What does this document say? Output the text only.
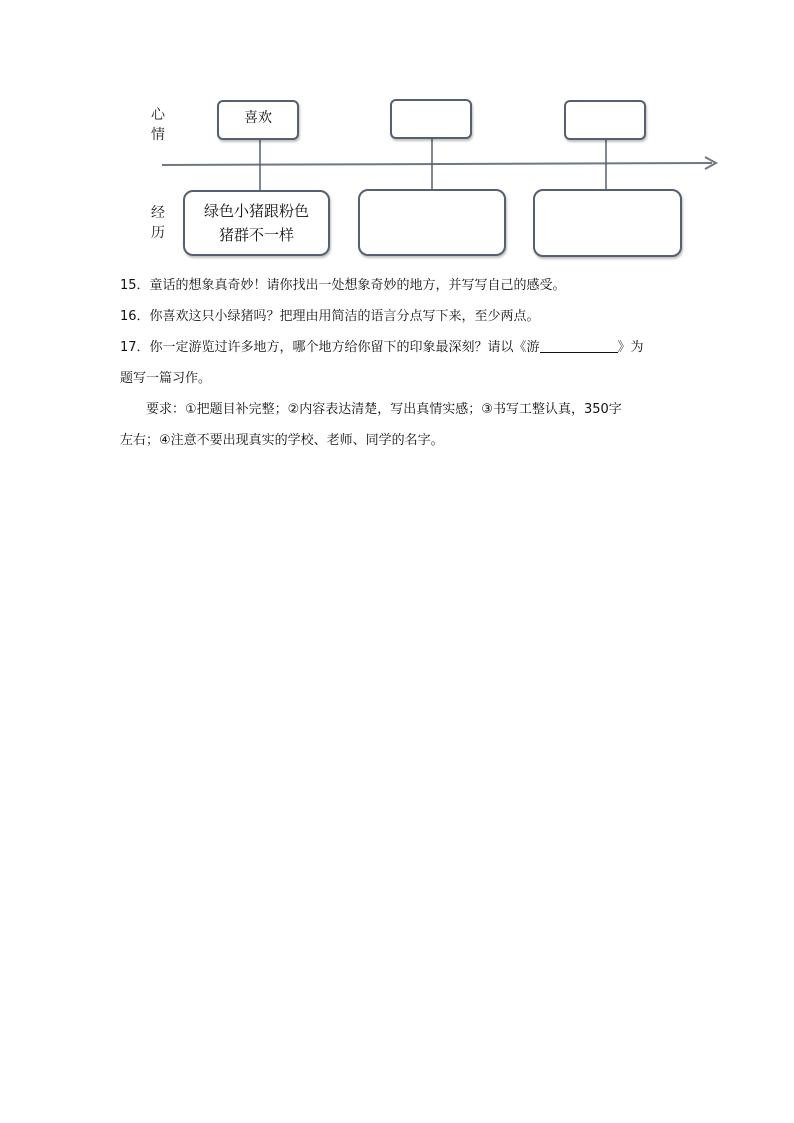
心
情
经
历
喜欢
绿色小猪跟粉色
猪群不一样

15．童话的想象真奇妙！请你找出一处想象奇妙的地方，并写写自己的感受。

16．你喜欢这只小绿猪吗？把理由用简洁的语言分点写下来，至少两点。

17．你一定游览过许多地方，哪个地方给你留下的印象最深刻？请以《游	》为

题写一篇习作。

要求：①把题目补完整；②内容表达清楚，写出真情实感；③书写工整认真，350字

左右；④注意不要出现真实的学校、老师、同学的名字。
